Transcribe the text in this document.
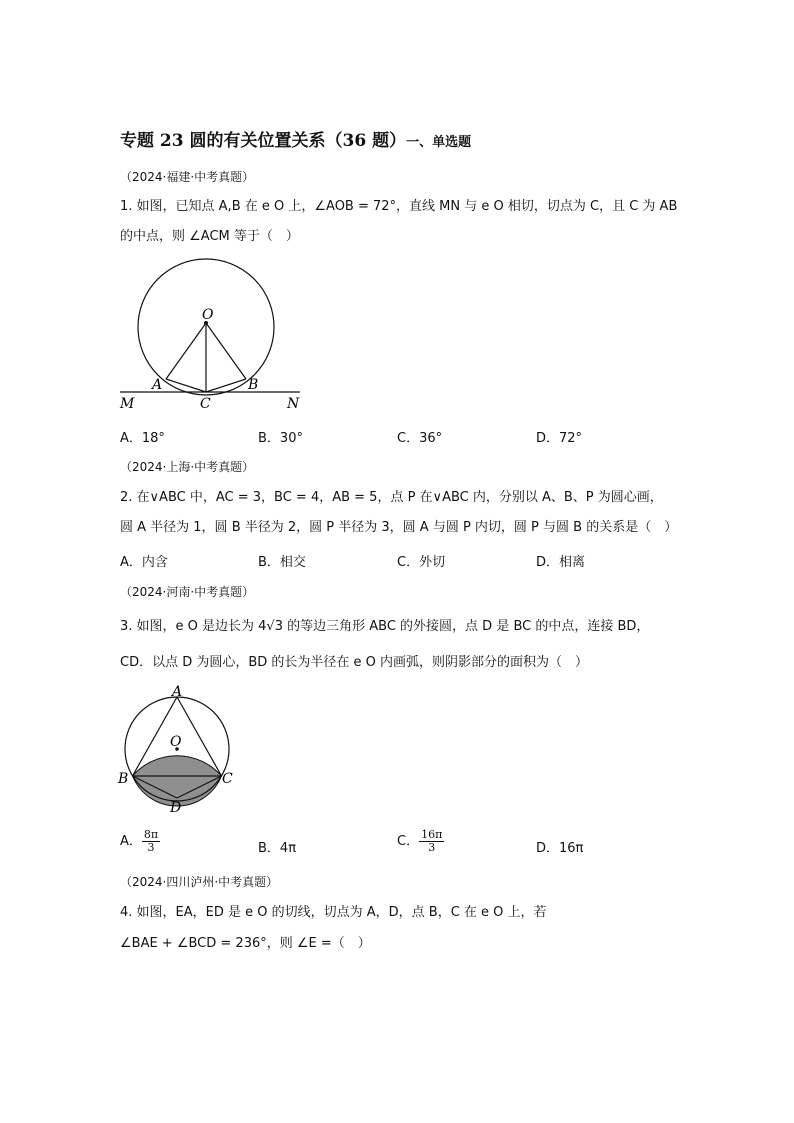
专题 23 圆的有关位置关系（36 题）一、单选题
（2024·福建·中考真题）
1. 如图，已知点 A,B 在 e O 上，∠AOB = 72°，直线 MN 与 e O 相切，切点为 C，且 C 为 AB
的中点，则 ∠ACM 等于（　）
O
A	B
C
M	N
A．18°	B．30°	C．36°	D．72°
（2024·上海·中考真题）
2. 在∨ABC 中，AC = 3，BC = 4，AB = 5，点 P 在∨ABC 内，分别以 A、B、P 为圆心画，
圆 A 半径为 1，圆 B 半径为 2，圆 P 半径为 3，圆 A 与圆 P 内切，圆 P 与圆 B 的关系是（　）
A．内含	B．相交	C．外切	D．相离
（2024·河南·中考真题）
3. 如图，e O 是边长为 4√3 的等边三角形 ABC 的外接圆，点 D 是 BC 的中点，连接 BD，
CD．以点 D 为圆心，BD 的长为半径在 e O 内画弧，则阴影部分的面积为（　）
A
O
B	C
D
A． $\frac{8\pi}{3}$	B．4π	C． $\frac{16\pi}{3}$	D．16π
（2024·四川泸州·中考真题）
4. 如图，EA，ED 是 e O 的切线，切点为 A，D，点 B，C 在 e O 上，若
∠BAE + ∠BCD = 236°，则 ∠E =（　）
